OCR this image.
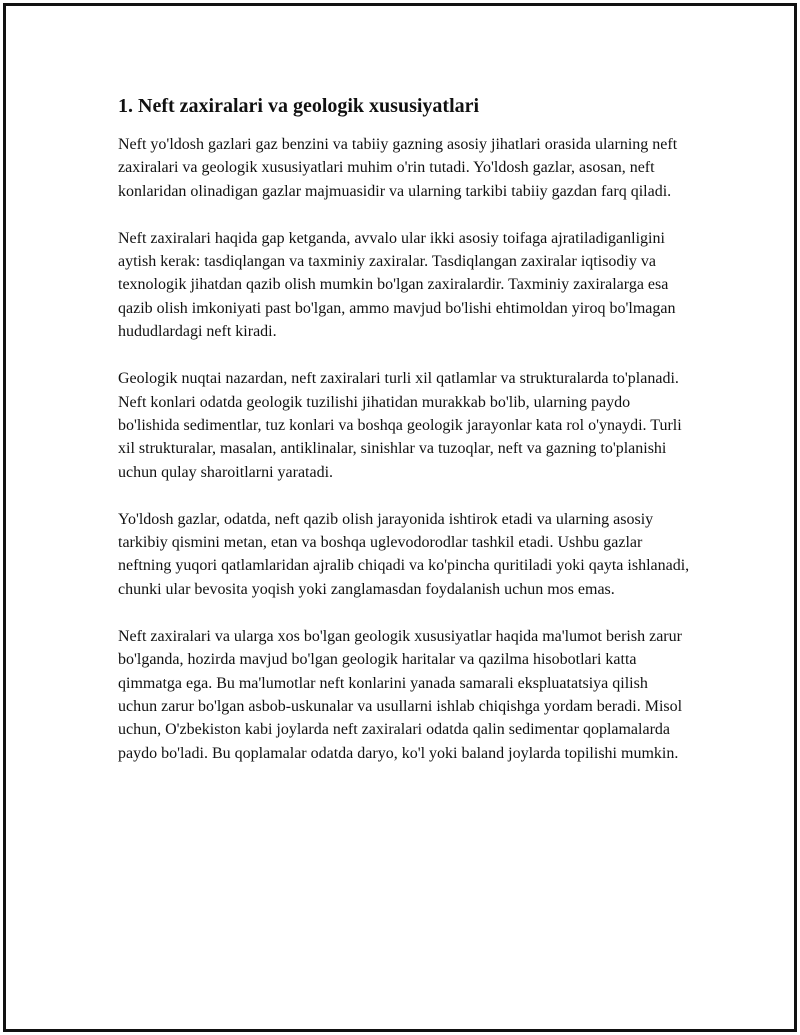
1. Neft zaxiralari va geologik xususiyatlari

Neft yo'ldosh gazlari gaz benzini va tabiiy gazning asosiy jihatlari orasida ularning neft zaxiralari va geologik xususiyatlari muhim o'rin tutadi. Yo'ldosh gazlar, asosan, neft konlaridan olinadigan gazlar majmuasidir va ularning tarkibi tabiiy gazdan farq qiladi.

Neft zaxiralari haqida gap ketganda, avvalo ular ikki asosiy toifaga ajratiladiganligini aytish kerak: tasdiqlangan va taxminiy zaxiralar. Tasdiqlangan zaxiralar iqtisodiy va texnologik jihatdan qazib olish mumkin bo'lgan zaxiralardir. Taxminiy zaxiralarga esa qazib olish imkoniyati past bo'lgan, ammo mavjud bo'lishi ehtimoldan yiroq bo'lmagan hududlardagi neft kiradi.

Geologik nuqtai nazardan, neft zaxiralari turli xil qatlamlar va strukturalarda to'planadi. Neft konlari odatda geologik tuzilishi jihatidan murakkab bo'lib, ularning paydo bo'lishida sedimentlar, tuz konlari va boshqa geologik jarayonlar kata rol o'ynaydi. Turli xil strukturalar, masalan, antiklinalar, sinishlar va tuzoqlar, neft va gazning to'planishi uchun qulay sharoitlarni yaratadi.

Yo'ldosh gazlar, odatda, neft qazib olish jarayonida ishtirok etadi va ularning asosiy tarkibiy qismini metan, etan va boshqa uglevodorodlar tashkil etadi. Ushbu gazlar neftning yuqori qatlamlaridan ajralib chiqadi va ko'pincha quritiladi yoki qayta ishlanadi, chunki ular bevosita yoqish yoki zanglamasdan foydalanish uchun mos emas.

Neft zaxiralari va ularga xos bo'lgan geologik xususiyatlar haqida ma'lumot berish zarur bo'lganda, hozirda mavjud bo'lgan geologik haritalar va qazilma hisobotlari katta qimmatga ega. Bu ma'lumotlar neft konlarini yanada samarali ekspluatatsiya qilish uchun zarur bo'lgan asbob-uskunalar va usullarni ishlab chiqishga yordam beradi. Misol uchun, O'zbekiston kabi joylarda neft zaxiralari odatda qalin sedimentar qoplamalarda paydo bo'ladi. Bu qoplamalar odatda daryo, ko'l yoki baland joylarda topilishi mumkin.
